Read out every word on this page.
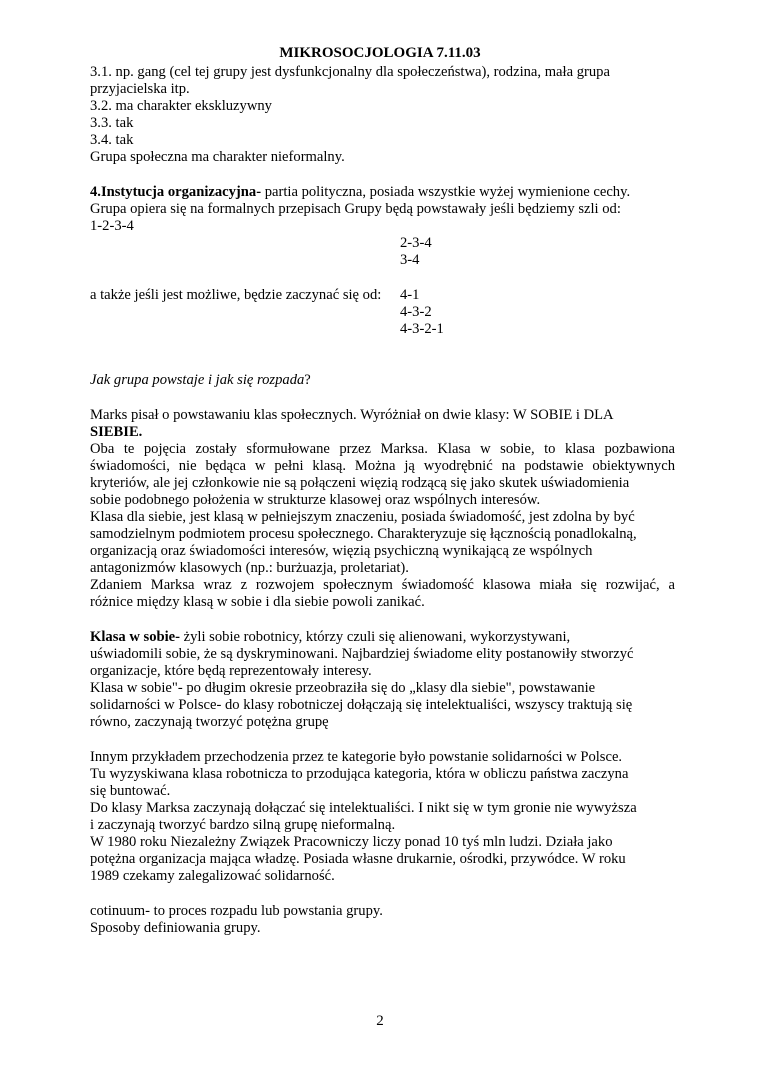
MIKROSOCJOLOGIA 7.11.03

3.1. np. gang (cel tej grupy jest dysfunkcjonalny dla społeczeństwa), rodzina, mała grupa

przyjacielska itp.

3.2. ma charakter ekskluzywny

3.3. tak

3.4. tak

Grupa społeczna ma charakter nieformalny.

4.Instytucja organizacyjna- partia polityczna, posiada wszystkie wyżej wymienione cechy.

Grupa opiera się na formalnych przepisach Grupy będą powstawały jeśli będziemy szli od:

1-2-3-4

2-3-4

3-4

a także jeśli jest możliwe, będzie zaczynać się od: 4-1

4-3-2

4-3-2-1

Jak grupa powstaje i jak się rozpada?

Marks pisał o powstawaniu klas społecznych. Wyróżniał on dwie klasy: W SOBIE i DLA

SIEBIE.

Oba te pojęcia zostały sformułowane przez Marksa. Klasa w sobie, to klasa pozbawiona

świadomości, nie będąca w pełni klasą. Można ją wyodrębnić na podstawie obiektywnych

kryteriów, ale jej członkowie nie są połączeni więzią rodzącą się jako skutek uświadomienia

sobie podobnego położenia w strukturze klasowej oraz wspólnych interesów.

Klasa dla siebie, jest klasą w pełniejszym znaczeniu, posiada świadomość, jest zdolna by być

samodzielnym podmiotem procesu społecznego. Charakteryzuje się łącznością ponadlokalną,

organizacją oraz świadomości interesów, więzią psychiczną wynikającą ze wspólnych

antagonizmów klasowych (np.: burżuazja, proletariat).

Zdaniem Marksa wraz z rozwojem społecznym świadomość klasowa miała się rozwijać, a

różnice między klasą w sobie i dla siebie powoli zanikać.

Klasa w sobie- żyli sobie robotnicy, którzy czuli się alienowani, wykorzystywani,

uświadomili sobie, że są dyskryminowani. Najbardziej świadome elity postanowiły stworzyć

organizacje, które będą reprezentowały interesy.

Klasa w sobie"- po długim okresie przeobraziła się do „klasy dla siebie", powstawanie

solidarności w Polsce- do klasy robotniczej dołączają się intelektualiści, wszyscy traktują się

równo, zaczynają tworzyć potężna grupę

Innym przykładem przechodzenia przez te kategorie było powstanie solidarności w Polsce.

Tu wyzyskiwana klasa robotnicza to przodująca kategoria, która w obliczu państwa zaczyna

się buntować.

Do klasy Marksa zaczynają dołączać się intelektualiści. I nikt się w tym gronie nie wywyższa

i zaczynają tworzyć bardzo silną grupę nieformalną.

W 1980 roku Niezależny Związek Pracowniczy liczy ponad 10 tyś mln ludzi. Działa jako

potężna organizacja mająca władzę. Posiada własne drukarnie, ośrodki, przywódce. W roku

1989 czekamy zalegalizować solidarność.

cotinuum- to proces rozpadu lub powstania grupy.

Sposoby definiowania grupy.

2
